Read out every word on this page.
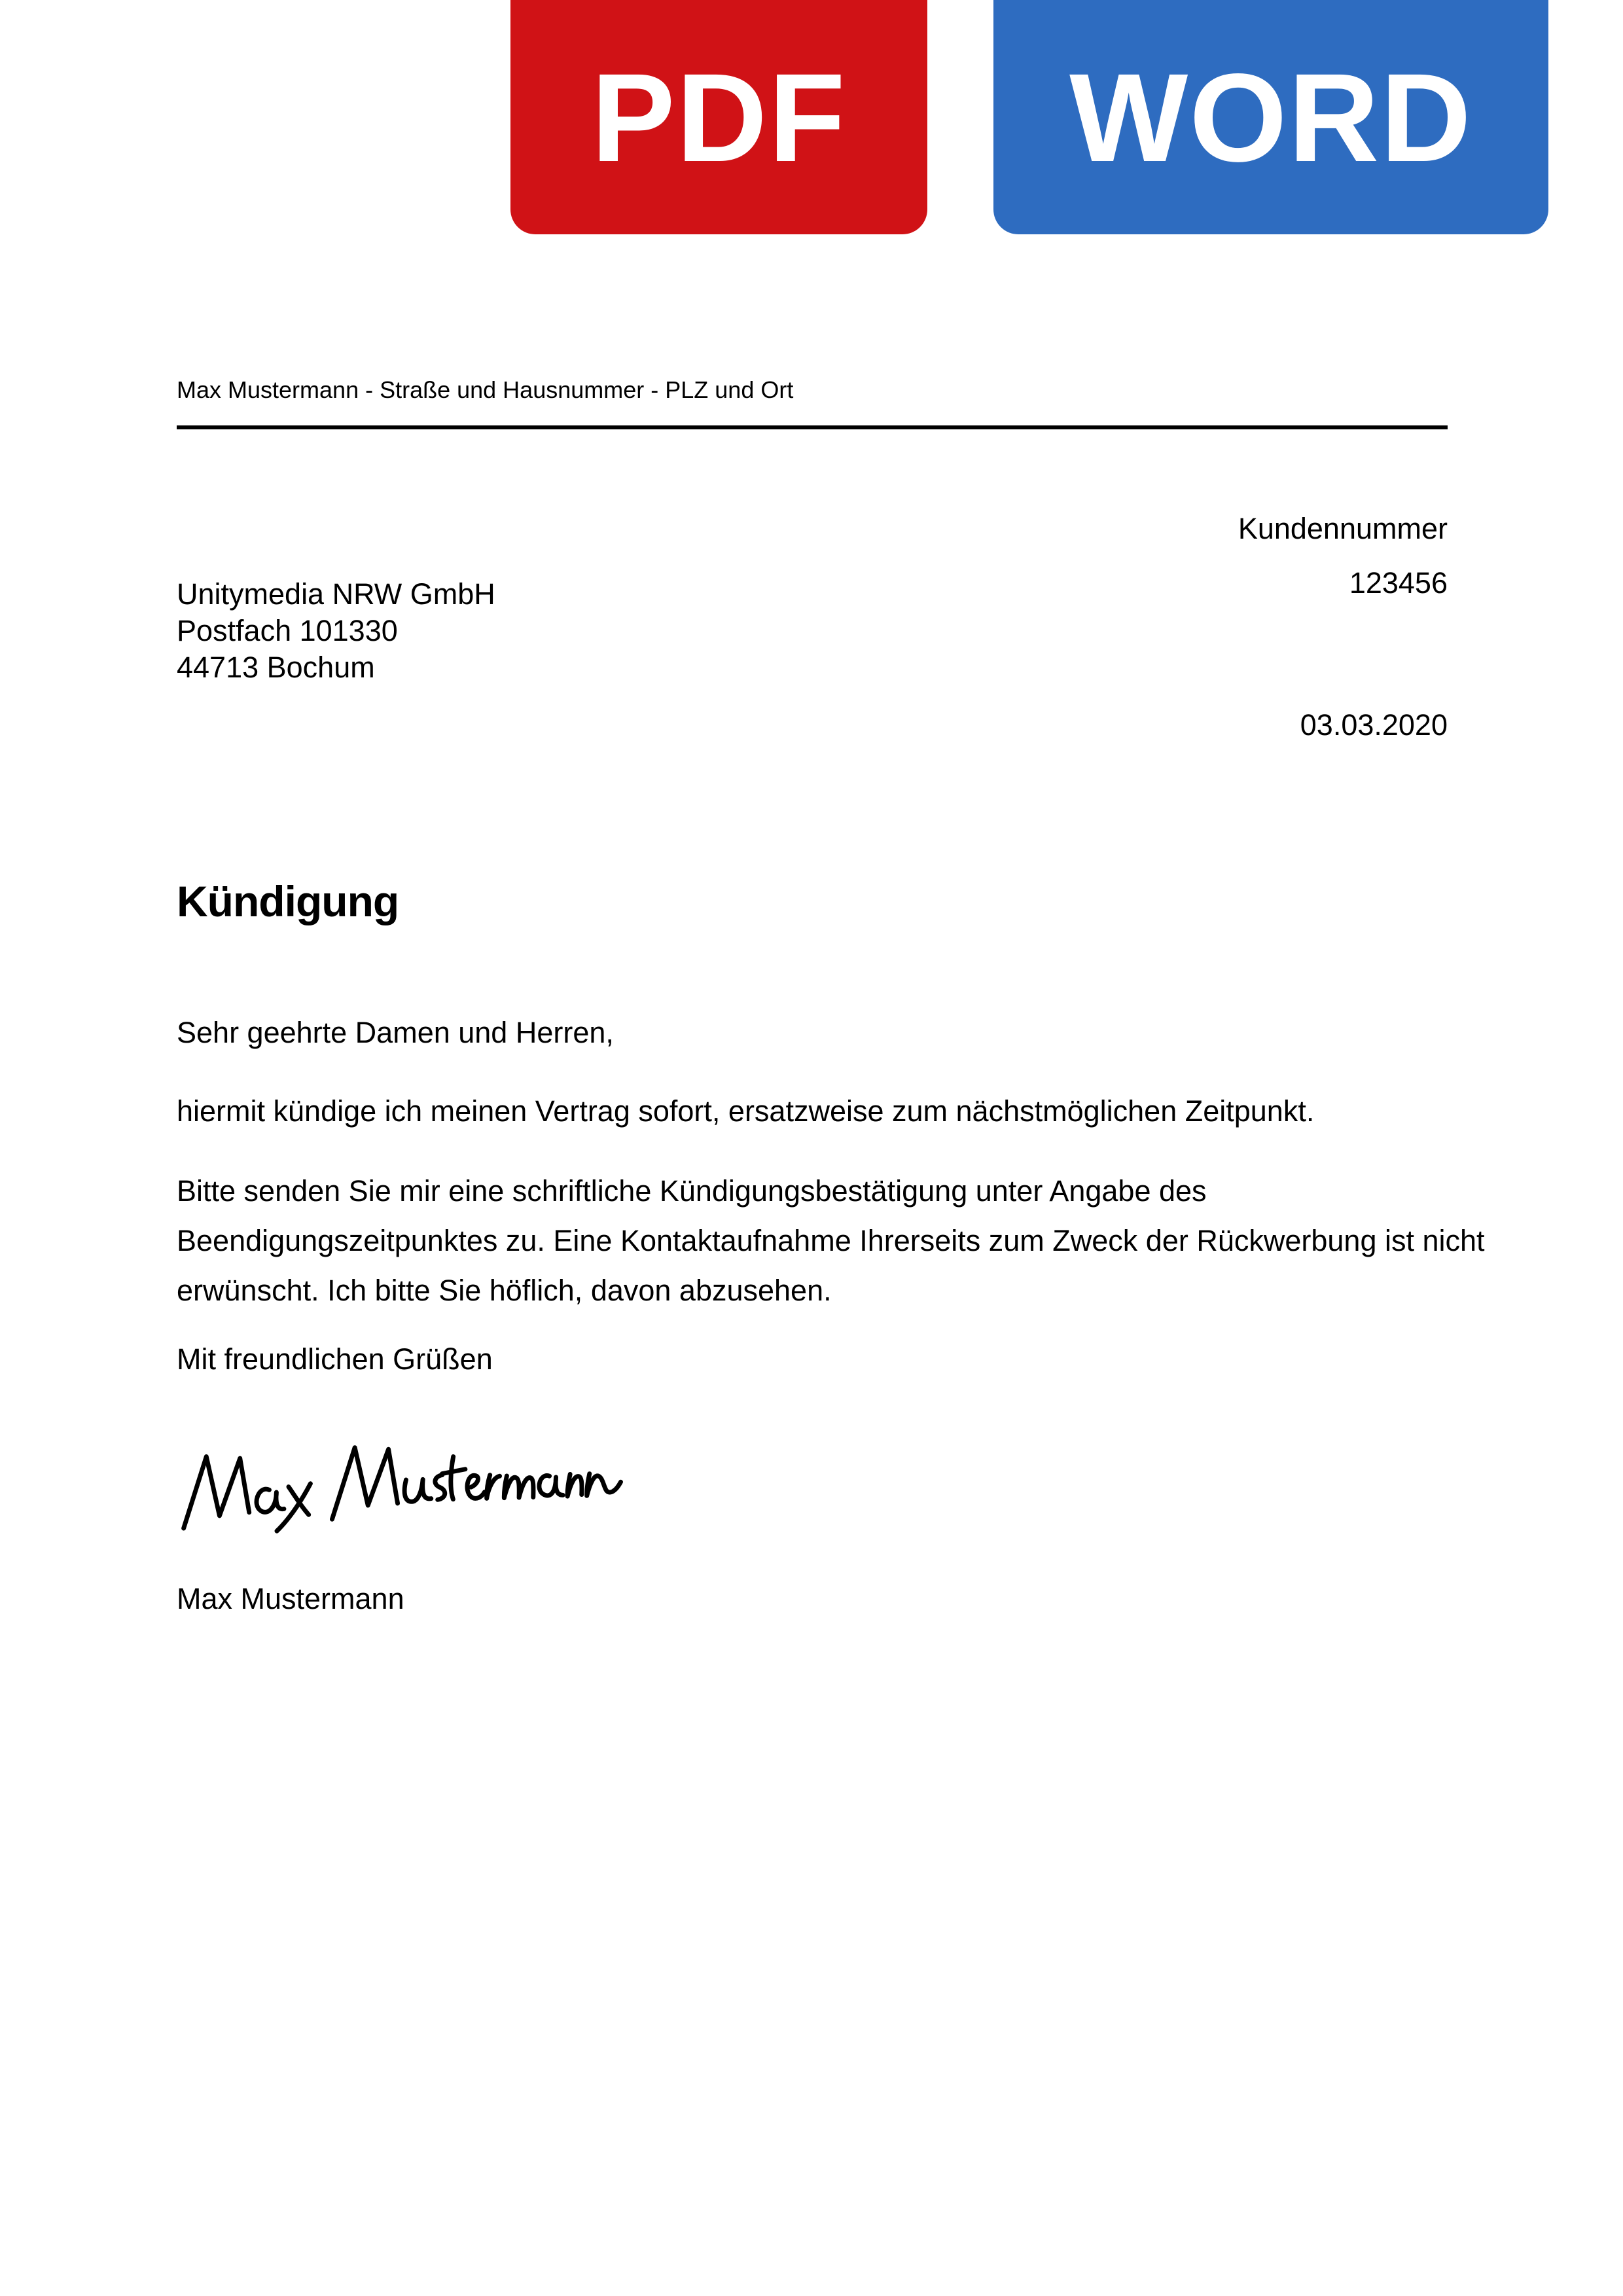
PDF	WORD
Max Mustermann - Straße und Hausnummer - PLZ und Ort
Kundennummer
123456
Unitymedia NRW GmbH
Postfach 101330
44713 Bochum
03.03.2020
Kündigung
Sehr geehrte Damen und Herren,
hiermit kündige ich meinen Vertrag sofort, ersatzweise zum nächstmöglichen Zeitpunkt.
Bitte senden Sie mir eine schriftliche Kündigungsbestätigung unter Angabe des
Beendigungszeitpunktes zu. Eine Kontaktaufnahme Ihrerseits zum Zweck der Rückwerbung ist nicht
erwünscht. Ich bitte Sie höflich, davon abzusehen.
Mit freundlichen Grüßen
Max Mustermann
